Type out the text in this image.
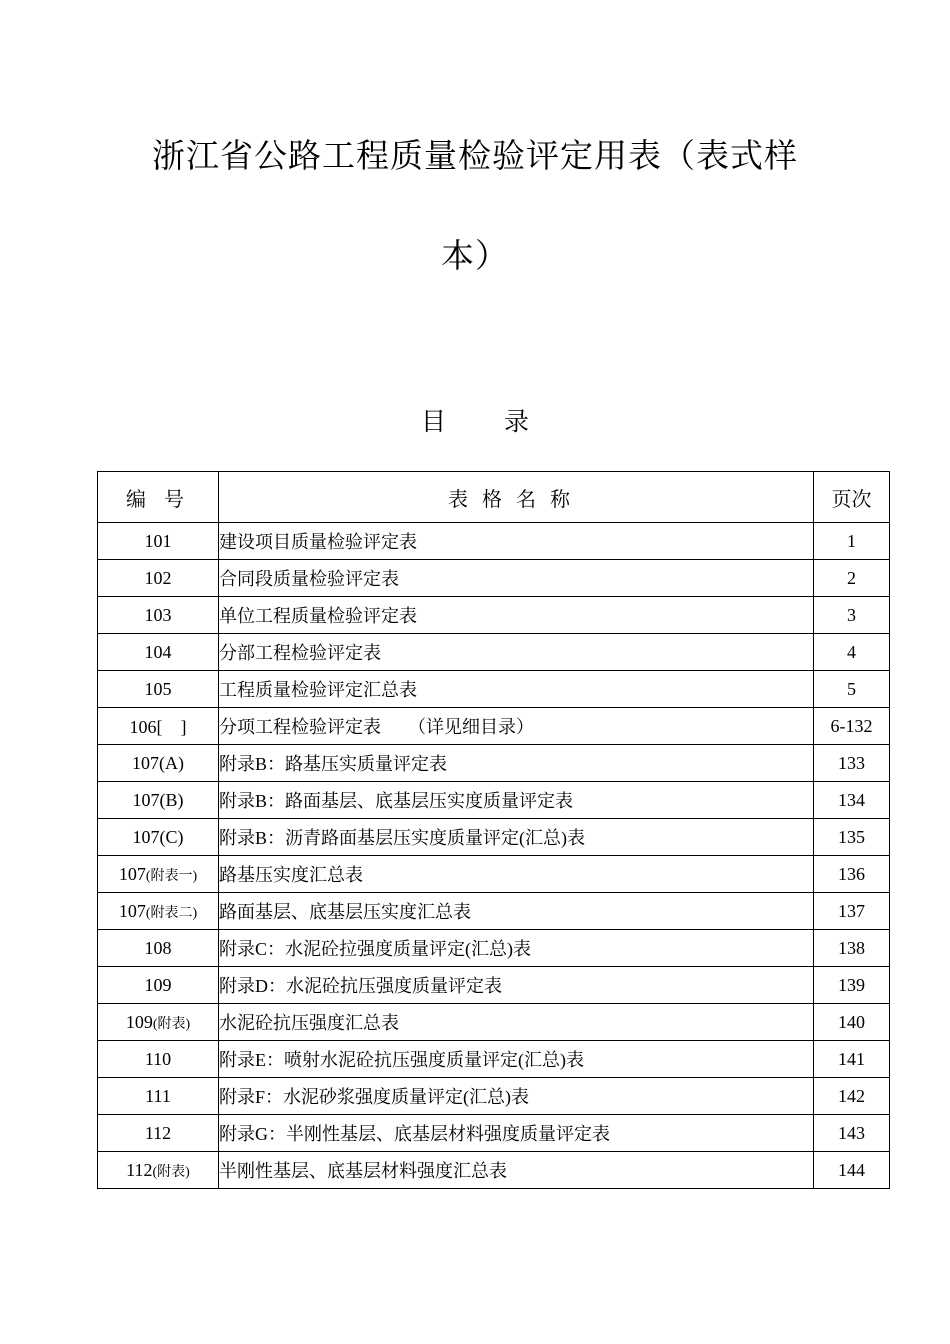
浙江省公路工程质量检验评定用表（表式样
本）
目 录
编号	表格名称	页次
101	建设项目质量检验评定表	1
102	合同段质量检验评定表	2
103	单位工程质量检验评定表	3
104	分部工程检验评定表	4
105	工程质量检验评定汇总表	5
106[　]	分项工程检验评定表　　（详见细目录）	6-132
107(A)	附录B：路基压实质量评定表	133
107(B)	附录B：路面基层、底基层压实度质量评定表	134
107(C)	附录B：沥青路面基层压实度质量评定(汇总)表	135
107(附表一)	路基压实度汇总表	136
107(附表二)	路面基层、底基层压实度汇总表	137
108	附录C：水泥砼拉强度质量评定(汇总)表	138
109	附录D：水泥砼抗压强度质量评定表	139
109(附表)	水泥砼抗压强度汇总表	140
110	附录E：喷射水泥砼抗压强度质量评定(汇总)表	141
111	附录F：水泥砂浆强度质量评定(汇总)表	142
112	附录G：半刚性基层、底基层材料强度质量评定表	143
112(附表)	半刚性基层、底基层材料强度汇总表	144
